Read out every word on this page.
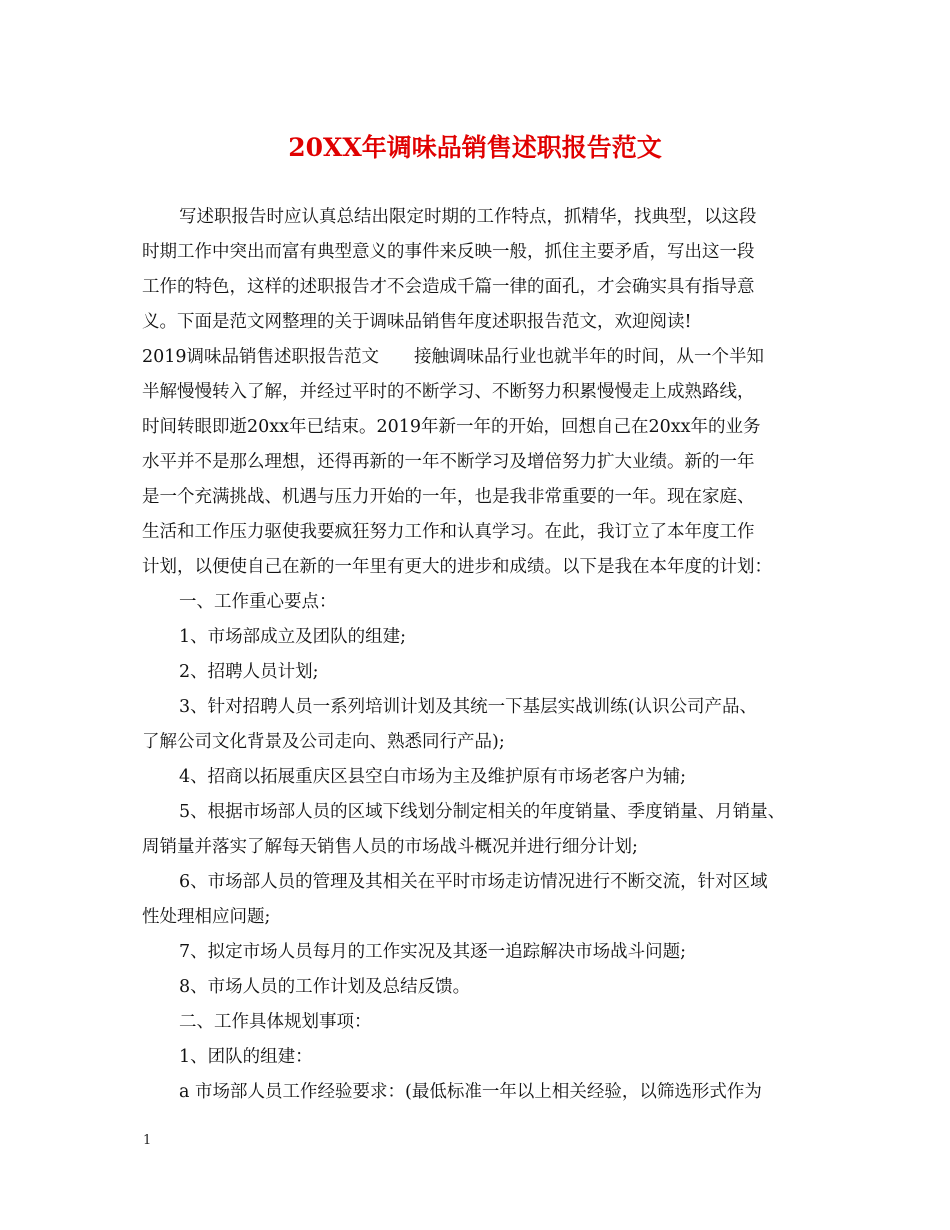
20XX年调味品销售述职报告范文
写述职报告时应认真总结出限定时期的工作特点，抓精华，找典型，以这段
时期工作中突出而富有典型意义的事件来反映一般，抓住主要矛盾，写出这一段
工作的特色，这样的述职报告才不会造成千篇一律的面孔，才会确实具有指导意
义。下面是范文网整理的关于调味品销售年度述职报告范文，欢迎阅读!
2019调味品销售述职报告范文　　接触调味品行业也就半年的时间，从一个半知
半解慢慢转入了解，并经过平时的不断学习、不断努力积累慢慢走上成熟路线，
时间转眼即逝20xx年已结束。2019年新一年的开始，回想自己在20xx年的业务
水平并不是那么理想，还得再新的一年不断学习及增倍努力扩大业绩。新的一年
是一个充满挑战、机遇与压力开始的一年，也是我非常重要的一年。现在家庭、
生活和工作压力驱使我要疯狂努力工作和认真学习。在此，我订立了本年度工作
计划，以便使自己在新的一年里有更大的进步和成绩。以下是我在本年度的计划：
一、工作重心要点：
1、市场部成立及团队的组建;
2、招聘人员计划;
3、针对招聘人员一系列培训计划及其统一下基层实战训练(认识公司产品、
了解公司文化背景及公司走向、熟悉同行产品);
4、招商以拓展重庆区县空白市场为主及维护原有市场老客户为辅;
5、根据市场部人员的区域下线划分制定相关的年度销量、季度销量、月销量、
周销量并落实了解每天销售人员的市场战斗概况并进行细分计划;
6、市场部人员的管理及其相关在平时市场走访情况进行不断交流，针对区域
性处理相应问题;
7、拟定市场人员每月的工作实况及其逐一追踪解决市场战斗问题;
8、市场人员的工作计划及总结反馈。
二、工作具体规划事项：
1、团队的组建：
a 市场部人员工作经验要求：(最低标准一年以上相关经验，以筛选形式作为
1
